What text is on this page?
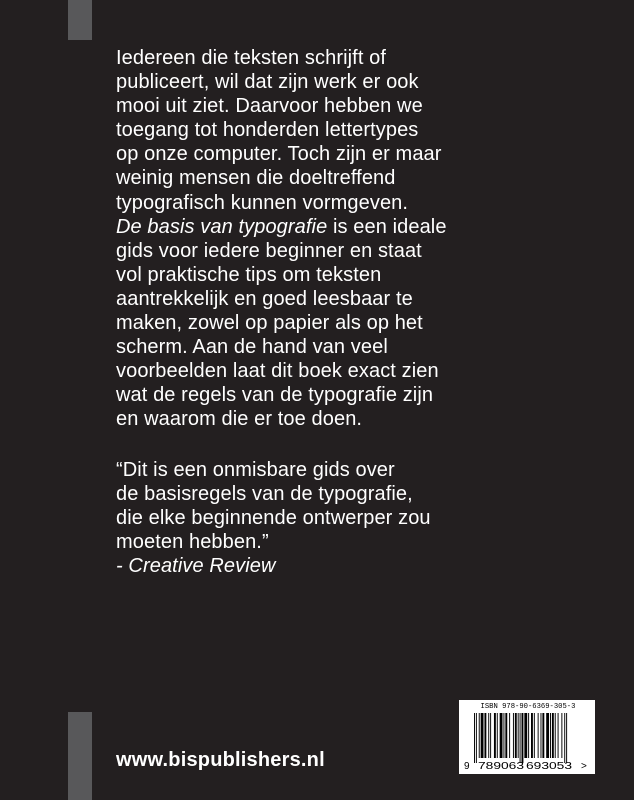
Iedereen die teksten schrijft of
publiceert, wil dat zijn werk er ook
mooi uit ziet. Daarvoor hebben we
toegang tot honderden lettertypes
op onze computer. Toch zijn er maar
weinig mensen die doeltreffend
typografisch kunnen vormgeven.
De basis van typografie is een ideale
gids voor iedere beginner en staat
vol praktische tips om teksten
aantrekkelijk en goed leesbaar te
maken, zowel op papier als op het
scherm. Aan de hand van veel
voorbeelden laat dit boek exact zien
wat de regels van de typografie zijn
en waarom die er toe doen.
“Dit is een onmisbare gids over
de basisregels van de typografie,
die elke beginnende ontwerper zou
moeten hebben.”
- Creative Review
www.bispublishers.nl
ISBN 978-90-6369-305-3
9 789063 693053 >
